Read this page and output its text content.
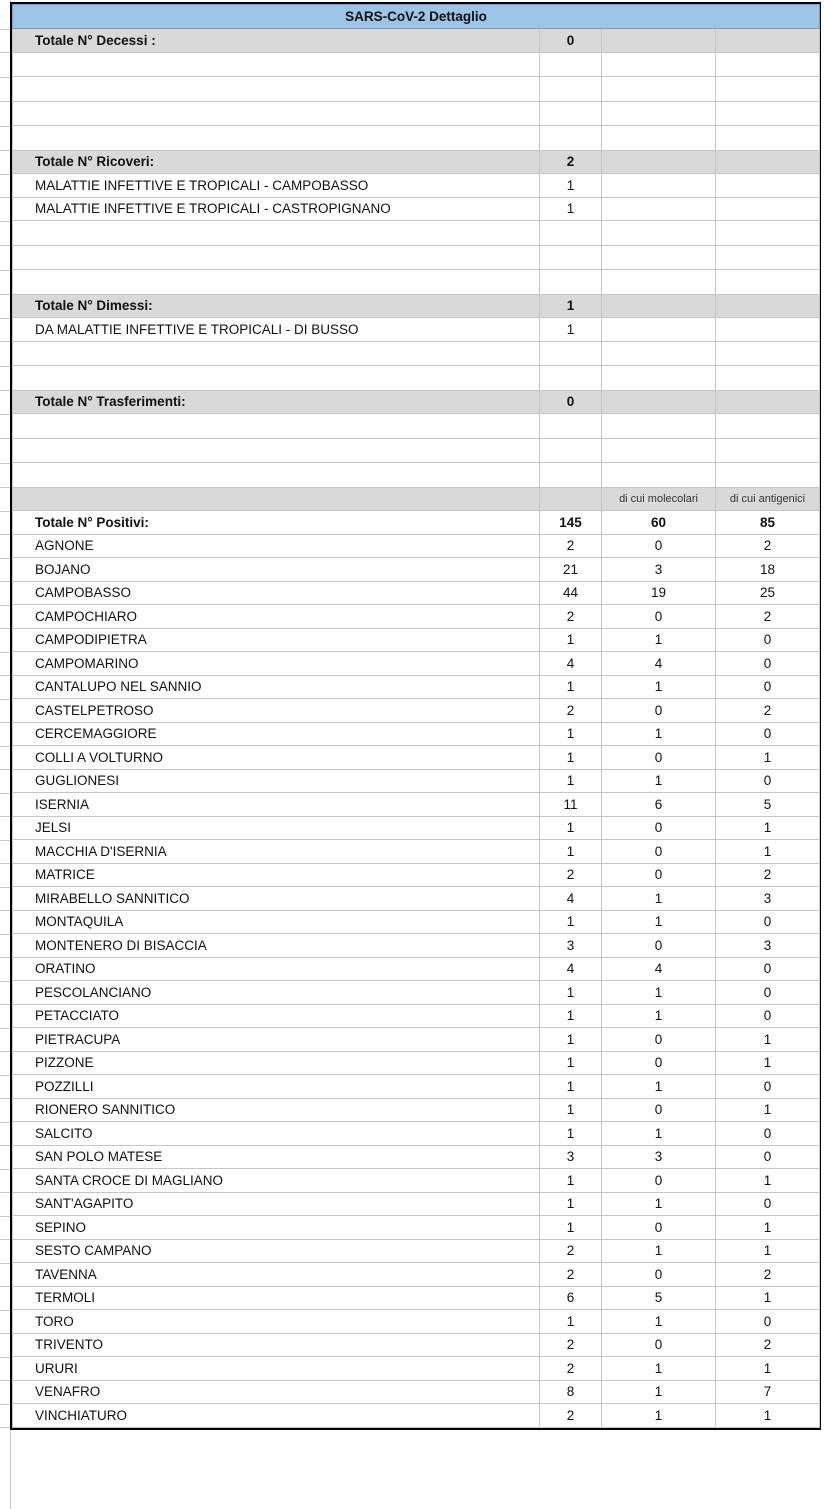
SARS-CoV-2 Dettaglio			
Totale N° Decessi :	0		

Totale N° Ricoveri:	2		
MALATTIE INFETTIVE E TROPICALI - CAMPOBASSO	1		
MALATTIE INFETTIVE E TROPICALI - CASTROPIGNANO	1		

Totale N° Dimessi:	1		
DA MALATTIE INFETTIVE E TROPICALI - DI BUSSO	1		

Totale N° Trasferimenti:	0		

		di cui molecolari	di cui antigenici
Totale N° Positivi:	145	60	85
AGNONE	2	0	2
BOJANO	21	3	18
CAMPOBASSO	44	19	25
CAMPOCHIARO	2	0	2
CAMPODIPIETRA	1	1	0
CAMPOMARINO	4	4	0
CANTALUPO NEL SANNIO	1	1	0
CASTELPETROSO	2	0	2
CERCEMAGGIORE	1	1	0
COLLI A VOLTURNO	1	0	1
GUGLIONESI	1	1	0
ISERNIA	11	6	5
JELSI	1	0	1
MACCHIA D'ISERNIA	1	0	1
MATRICE	2	0	2
MIRABELLO SANNITICO	4	1	3
MONTAQUILA	1	1	0
MONTENERO DI BISACCIA	3	0	3
ORATINO	4	4	0
PESCOLANCIANO	1	1	0
PETACCIATO	1	1	0
PIETRACUPA	1	0	1
PIZZONE	1	0	1
POZZILLI	1	1	0
RIONERO SANNITICO	1	0	1
SALCITO	1	1	0
SAN POLO MATESE	3	3	0
SANTA CROCE DI MAGLIANO	1	0	1
SANT'AGAPITO	1	1	0
SEPINO	1	0	1
SESTO CAMPANO	2	1	1
TAVENNA	2	0	2
TERMOLI	6	5	1
TORO	1	1	0
TRIVENTO	2	0	2
URURI	2	1	1
VENAFRO	8	1	7
VINCHIATURO	2	1	1
